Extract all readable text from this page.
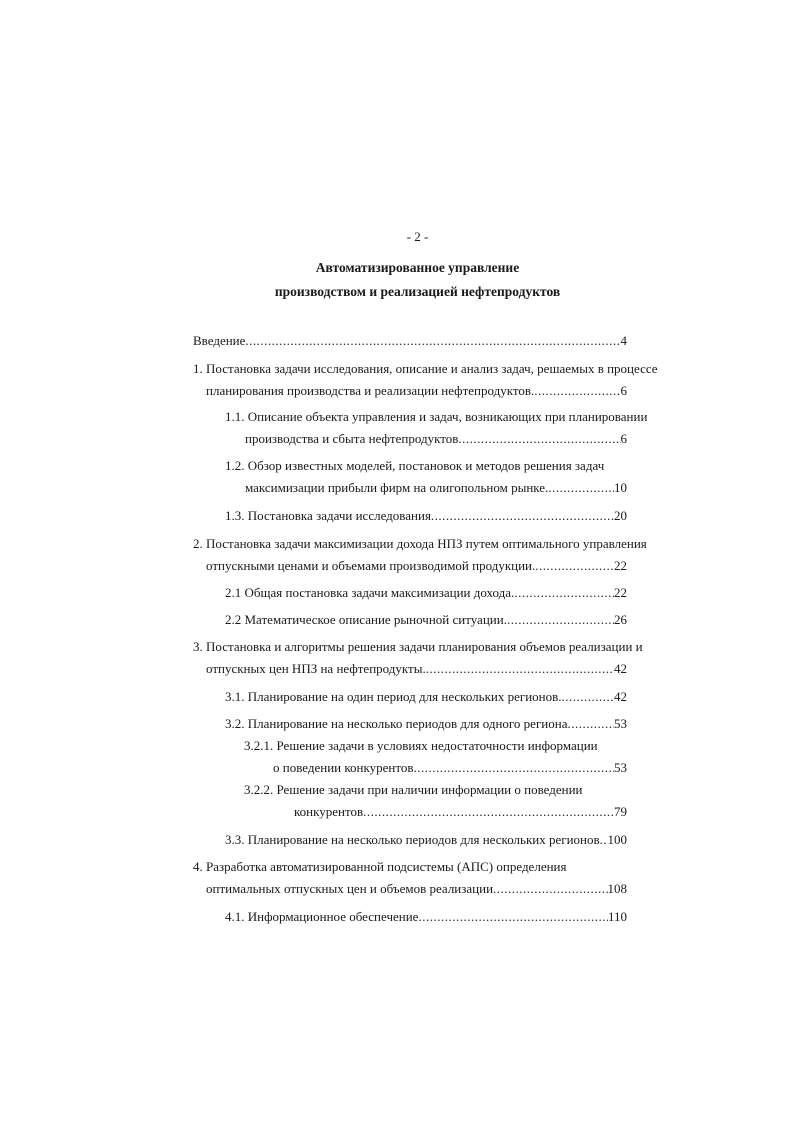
- 2 -
Автоматизированное управление
производством и реализацией нефтепродуктов
Введение .....	4
1. Постановка задачи исследования, описание и анализ задач, решаемых в процессе
планирования производства и реализации нефтепродуктов. .....	6
1.1. Описание объекта управления и задач, возникающих при планировании
производства и сбыта нефтепродуктов .....	6
1.2. Обзор известных моделей, постановок и методов решения задач
максимизации прибыли фирм на олигопольном рынке. .....	10
1.3. Постановка задачи исследования .....	20
2. Постановка задачи максимизации дохода НПЗ путем оптимального управления
отпускными ценами и объемами производимой продукции. .....	22
2.1 Общая постановка задачи максимизации дохода. .....	22
2.2 Математическое описание рыночной ситуации. .....	26
3. Постановка и алгоритмы решения задачи планирования объемов реализации и
отпускных цен НПЗ на нефтепродукты. .....	42
3.1. Планирование на один период для нескольких регионов. .....	42
3.2. Планирование на несколько периодов для одного региона .....	53
3.2.1. Решение задачи в условиях недостаточности информации
о поведении конкурентов .....	53
3.2.2. Решение задачи при наличии информации о поведении
конкурентов .....	79
3.3. Планирование на несколько периодов для нескольких регионов ..... 100
4. Разработка автоматизированной подсистемы (АПС) определения
оптимальных отпускных цен и объемов реализации .....	108
4.1. Информационное обеспечение .....	110
